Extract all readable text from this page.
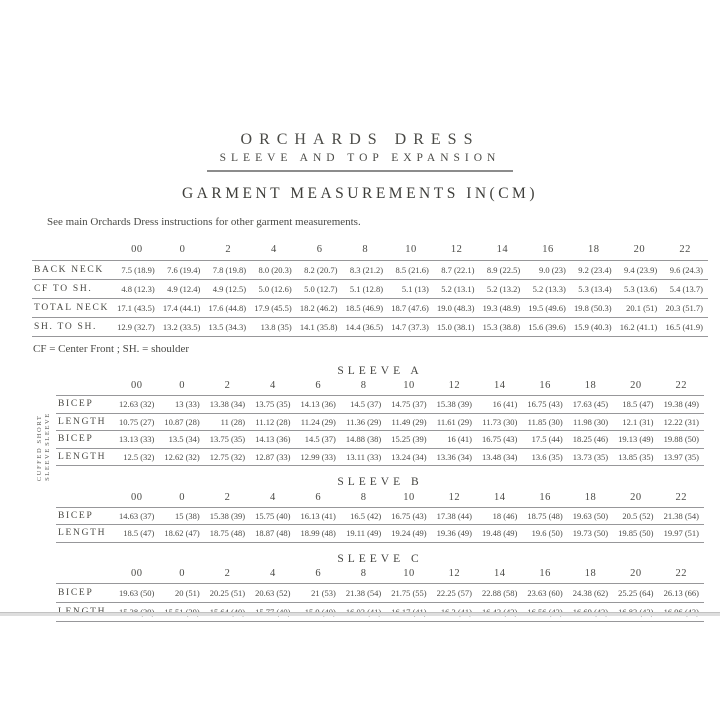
ORCHARDS DRESS
SLEEVE AND TOP EXPANSION
GARMENT MEASUREMENTS IN(CM)

See main Orchards Dress instructions for other garment measurements.

	00	0	2	4	6	8	10	12	14	16	18	20	22
BACK NECK	7.5 (18.9)	7.6 (19.4)	7.8 (19.8)	8.0 (20.3)	8.2 (20.7)	8.3 (21.2)	8.5 (21.6)	8.7 (22.1)	8.9 (22.5)	9.0 (23)	9.2 (23.4)	9.4 (23.9)	9.6 (24.3)
CF TO SH.	4.8 (12.3)	4.9 (12.4)	4.9 (12.5)	5.0 (12.6)	5.0 (12.7)	5.1 (12.8)	5.1 (13)	5.2 (13.1)	5.2 (13.2)	5.2 (13.3)	5.3 (13.4)	5.3 (13.6)	5.4 (13.7)
TOTAL NECK	17.1 (43.5)	17.4 (44.1)	17.6 (44.8)	17.9 (45.5)	18.2 (46.2)	18.5 (46.9)	18.7 (47.6)	19.0 (48.3)	19.3 (48.9)	19.5 (49.6)	19.8 (50.3)	20.1 (51)	20.3 (51.7)
SH. TO SH.	12.9 (32.7)	13.2 (33.5)	13.5 (34.3)	13.8 (35)	14.1 (35.8)	14.4 (36.5)	14.7 (37.3)	15.0 (38.1)	15.3 (38.8)	15.6 (39.6)	15.9 (40.3)	16.2 (41.1)	16.5 (41.9)

CF = Center Front ; SH. = shoulder

SLEEVE A
SHORT SLEEVE
CUFFED SLEEVE
	00	0	2	4	6	8	10	12	14	16	18	20	22
BICEP	12.63 (32)	13 (33)	13.38 (34)	13.75 (35)	14.13 (36)	14.5 (37)	14.75 (37)	15.38 (39)	16 (41)	16.75 (43)	17.63 (45)	18.5 (47)	19.38 (49)
LENGTH	10.75 (27)	10.87 (28)	11 (28)	11.12 (28)	11.24 (29)	11.36 (29)	11.49 (29)	11.61 (29)	11.73 (30)	11.85 (30)	11.98 (30)	12.1 (31)	12.22 (31)
BICEP	13.13 (33)	13.5 (34)	13.75 (35)	14.13 (36)	14.5 (37)	14.88 (38)	15.25 (39)	16 (41)	16.75 (43)	17.5 (44)	18.25 (46)	19.13 (49)	19.88 (50)
LENGTH	12.5 (32)	12.62 (32)	12.75 (32)	12.87 (33)	12.99 (33)	13.11 (33)	13.24 (34)	13.36 (34)	13.48 (34)	13.6 (35)	13.73 (35)	13.85 (35)	13.97 (35)
SLEEVE B
	00	0	2	4	6	8	10	12	14	16	18	20	22
BICEP	14.63 (37)	15 (38)	15.38 (39)	15.75 (40)	16.13 (41)	16.5 (42)	16.75 (43)	17.38 (44)	18 (46)	18.75 (48)	19.63 (50)	20.5 (52)	21.38 (54)
LENGTH	18.5 (47)	18.62 (47)	18.75 (48)	18.87 (48)	18.99 (48)	19.11 (49)	19.24 (49)	19.36 (49)	19.48 (49)	19.6 (50)	19.73 (50)	19.85 (50)	19.97 (51)
SLEEVE C
	00	0	2	4	6	8	10	12	14	16	18	20	22
BICEP	19.63 (50)	20 (51)	20.25 (51)	20.63 (52)	21 (53)	21.38 (54)	21.75 (55)	22.25 (57)	22.88 (58)	23.63 (60)	24.38 (62)	25.25 (64)	26.13 (66)
